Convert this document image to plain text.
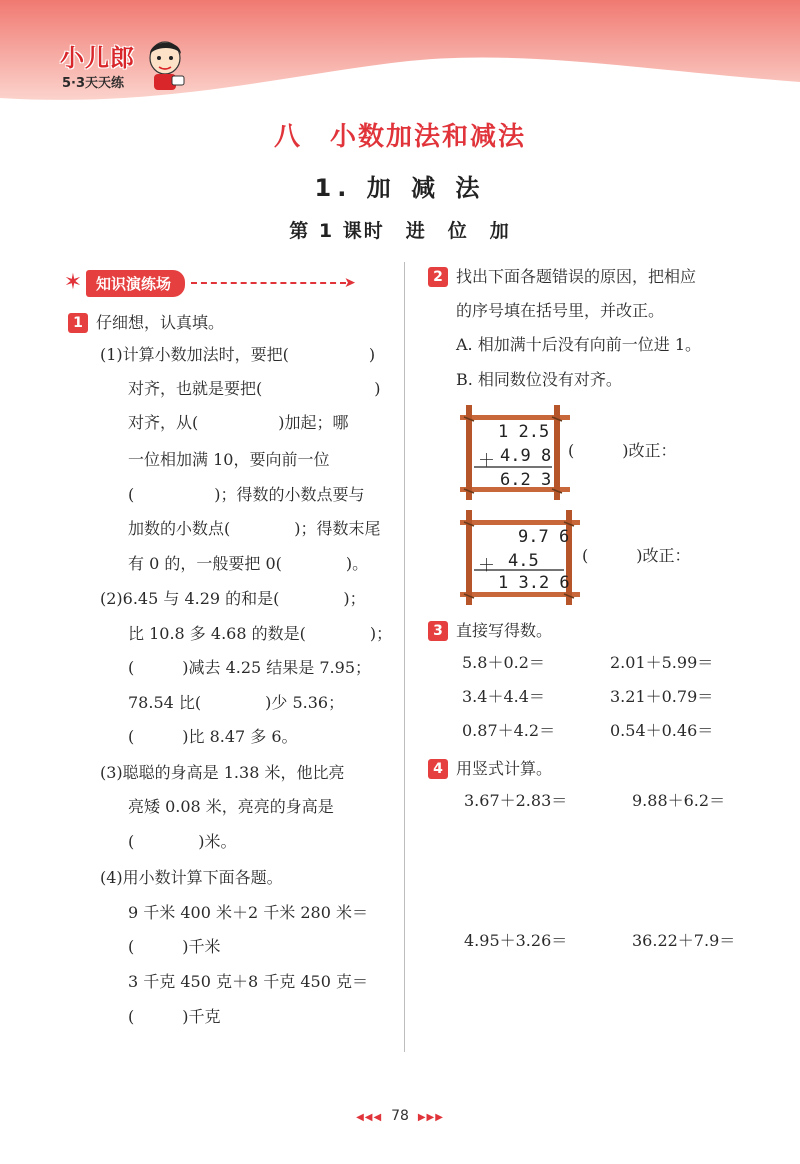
小儿郎
5·3天天练
八　小数加法和减法
1. 加 减 法
第 1 课时　进　位　加
✶ 知识演练场	➤
1 仔细想，认真填。
(1)计算小数加法时，要把(　　　　　)
对齐，也就是要把(　　　　　　　)
对齐，从(　　　　　)加起；哪
一位相加满 10，要向前一位
(　　　　　)；得数的小数点要与
加数的小数点(　　　　)；得数末尾
有 0 的，一般要把 0(　　　　)。
(2)6.45 与 4.29 的和是(　　　　)；
比 10.8 多 4.68 的数是(　　　　)；
(　　　)减去 4.25 结果是 7.95；
78.54 比(　　　　)少 5.36；
(　　　)比 8.47 多 6。
(3)聪聪的身高是 1.38 米，他比亮
亮矮 0.08 米，亮亮的身高是
(　　　　)米。
(4)用小数计算下面各题。
9 千米 400 米＋2 千米 280 米＝
(　　　)千米
3 千克 450 克＋8 千克 450 克＝
(　　　)千克
2 找出下面各题错误的原因，把相应
的序号填在括号里，并改正。
A. 相加满十后没有向前一位进 1。
B. 相同数位没有对齐。
1 2.5
＋ 4.9 8
6.2 3
(　　　)改正：
9.7 6
＋ 4.5
1 3.2 6
(　　　)改正：
3 直接写得数。
5.8＋0.2＝	2.01＋5.99＝
3.4＋4.4＝	3.21＋0.79＝
0.87＋4.2＝	0.54＋0.46＝
4 用竖式计算。
3.67＋2.83＝	9.88＋6.2＝
4.95＋3.26＝	36.22＋7.9＝
◀◀◀ 78 ▶▶▶
